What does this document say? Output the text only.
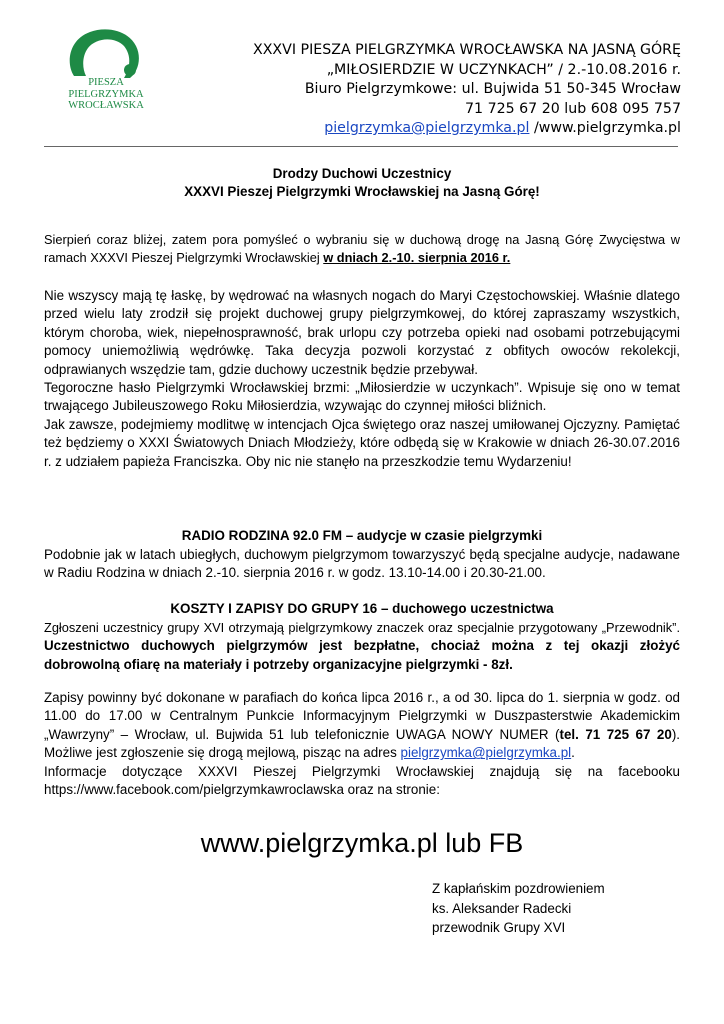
PIESZA
PIELGRZYMKA
WROCŁAWSKA
XXXVI PIESZA PIELGRZYMKA WROCŁAWSKA NA JASNĄ GÓRĘ
„MIŁOSIERDZIE W UCZYNKACH” / 2.-10.08.2016 r.
Biuro Pielgrzymkowe: ul. Bujwida 51 50-345 Wrocław
71 725 67 20 lub 608 095 757
pielgrzymka@pielgrzymka.pl /www.pielgrzymka.pl
Drodzy Duchowi Uczestnicy
XXXVI Pieszej Pielgrzymki Wrocławskiej na Jasną Górę!
Sierpień coraz bliżej, zatem pora pomyśleć o wybraniu się w duchową drogę na Jasną Górę Zwycięstwa w ramach XXXVI Pieszej Pielgrzymki Wrocławskiej w dniach 2.-10. sierpnia 2016 r.
Nie wszyscy mają tę łaskę, by wędrować na własnych nogach do Maryi Częstochowskiej. Właśnie dlatego przed wielu laty zrodził się projekt duchowej grupy pielgrzymkowej, do której zapraszamy wszystkich, którym choroba, wiek, niepełnosprawność, brak urlopu czy potrzeba opieki nad osobami potrzebującymi pomocy uniemożliwią wędrówkę. Taka decyzja pozwoli korzystać z obfitych owoców rekolekcji, odprawianych wszędzie tam, gdzie duchowy uczestnik będzie przebywał.
Tegoroczne hasło Pielgrzymki Wrocławskiej brzmi: „Miłosierdzie w uczynkach”. Wpisuje się ono w temat trwającego Jubileuszowego Roku Miłosierdzia, wzywając do czynnej miłości bliźnich.
Jak zawsze, podejmiemy modlitwę w intencjach Ojca świętego oraz naszej umiłowanej Ojczyzny. Pamiętać też będziemy o XXXI Światowych Dniach Młodzieży, które odbędą się w Krakowie w dniach 26-30.07.2016 r. z udziałem papieża Franciszka. Oby nic nie stanęło na przeszkodzie temu Wydarzeniu!
RADIO RODZINA 92.0 FM – audycje w czasie pielgrzymki
Podobnie jak w latach ubiegłych, duchowym pielgrzymom towarzyszyć będą specjalne audycje, nadawane w Radiu Rodzina w dniach 2.-10. sierpnia 2016 r. w godz. 13.10-14.00 i 20.30-21.00.
KOSZTY I ZAPISY DO GRUPY 16 – duchowego uczestnictwa
Zgłoszeni uczestnicy grupy XVI otrzymają pielgrzymkowy znaczek oraz specjalnie przygotowany „Przewodnik”. Uczestnictwo duchowych pielgrzymów jest bezpłatne, chociaż można z tej okazji złożyć dobrowolną ofiarę na materiały i potrzeby organizacyjne pielgrzymki - 8zł.
Zapisy powinny być dokonane w parafiach do końca lipca 2016 r., a od 30. lipca do 1. sierpnia w godz. od 11.00 do 17.00 w Centralnym Punkcie Informacyjnym Pielgrzymki w Duszpasterstwie Akademickim „Wawrzyny” – Wrocław, ul. Bujwida 51 lub telefonicznie UWAGA NOWY NUMER (tel. 71 725 67 20). Możliwe jest zgłoszenie się drogą mejlową, pisząc na adres pielgrzymka@pielgrzymka.pl.
Informacje dotyczące XXXVI Pieszej Pielgrzymki Wrocławskiej znajdują się na facebooku https://www.facebook.com/pielgrzymkawroclawska oraz na stronie:
www.pielgrzymka.pl lub FB
Z kapłańskim pozdrowieniem
ks. Aleksander Radecki
przewodnik Grupy XVI
